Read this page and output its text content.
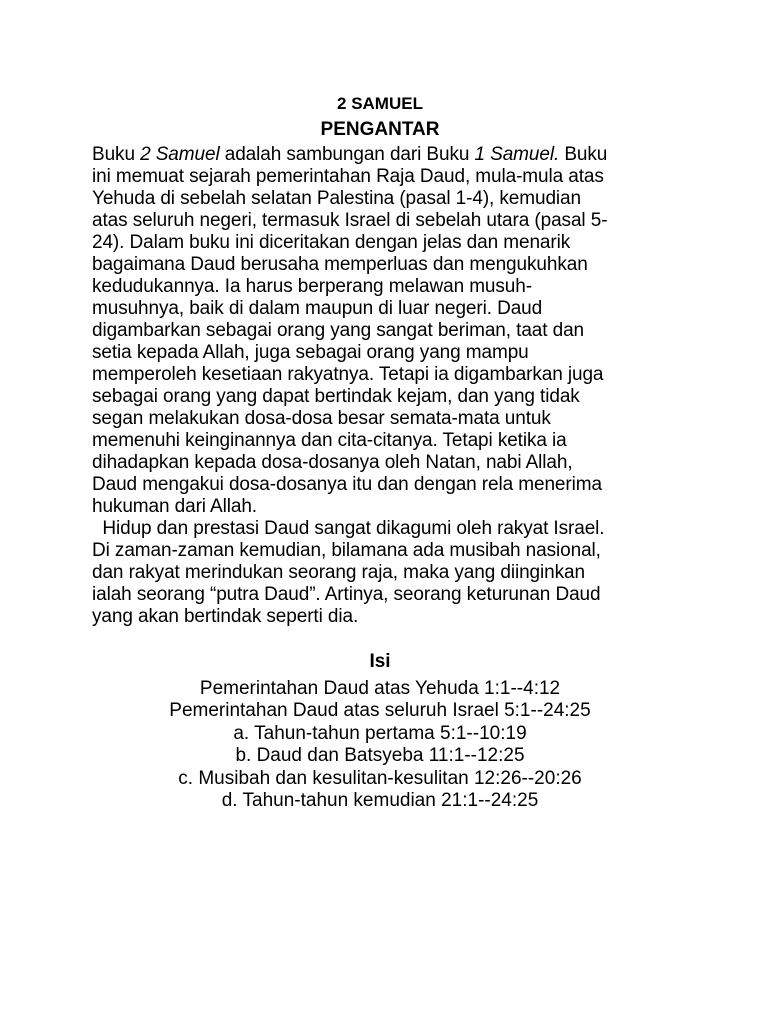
2 SAMUEL
PENGANTAR

Buku 2 Samuel adalah sambungan dari Buku 1 Samuel. Buku
ini memuat sejarah pemerintahan Raja Daud, mula-mula atas
Yehuda di sebelah selatan Palestina (pasal 1-4), kemudian
atas seluruh negeri, termasuk Israel di sebelah utara (pasal 5-
24). Dalam buku ini diceritakan dengan jelas dan menarik
bagaimana Daud berusaha memperluas dan mengukuhkan
kedudukannya. Ia harus berperang melawan musuh-
musuhnya, baik di dalam maupun di luar negeri. Daud
digambarkan sebagai orang yang sangat beriman, taat dan
setia kepada Allah, juga sebagai orang yang mampu
memperoleh kesetiaan rakyatnya. Tetapi ia digambarkan juga
sebagai orang yang dapat bertindak kejam, dan yang tidak
segan melakukan dosa-dosa besar semata-mata untuk
memenuhi keinginannya dan cita-citanya. Tetapi ketika ia
dihadapkan kepada dosa-dosanya oleh Natan, nabi Allah,
Daud mengakui dosa-dosanya itu dan dengan rela menerima
hukuman dari Allah.

Hidup dan prestasi Daud sangat dikagumi oleh rakyat Israel.
Di zaman-zaman kemudian, bilamana ada musibah nasional,
dan rakyat merindukan seorang raja, maka yang diinginkan
ialah seorang “putra Daud”. Artinya, seorang keturunan Daud
yang akan bertindak seperti dia.

Isi
Pemerintahan Daud atas Yehuda 1:1--4:12
Pemerintahan Daud atas seluruh Israel 5:1--24:25
a. Tahun-tahun pertama 5:1--10:19
b. Daud dan Batsyeba 11:1--12:25
c. Musibah dan kesulitan-kesulitan 12:26--20:26
d. Tahun-tahun kemudian 21:1--24:25
